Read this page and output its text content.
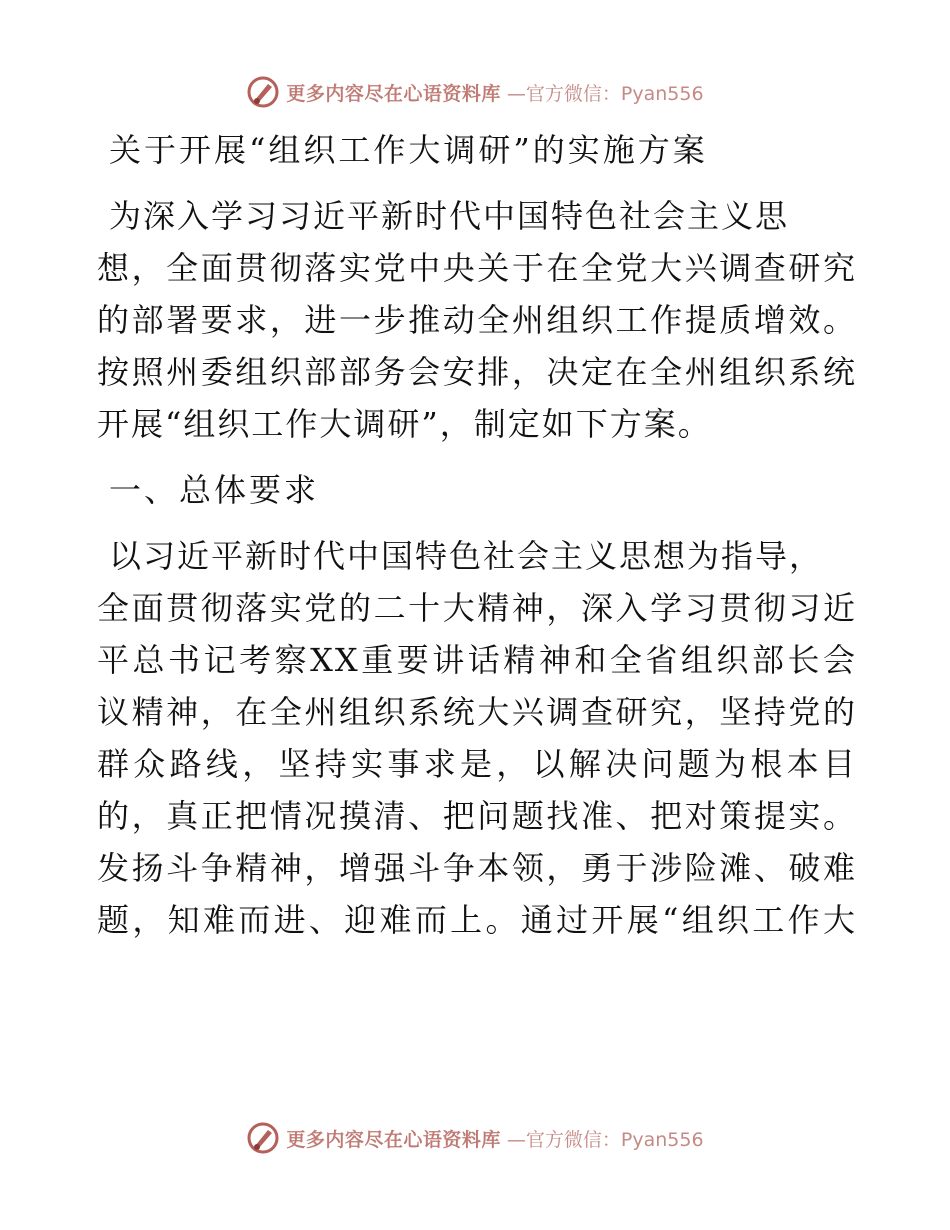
更多内容尽在心语资料库 —官方微信：Pyan556
关于开展“组织工作大调研”的实施方案
为深入学习习近平新时代中国特色社会主义思
想，全面贯彻落实党中央关于在全党大兴调查研究
的部署要求，进一步推动全州组织工作提质增效。
按照州委组织部部务会安排，决定在全州组织系统
开展“组织工作大调研”，制定如下方案。
一、总体要求
以习近平新时代中国特色社会主义思想为指导，
全面贯彻落实党的二十大精神，深入学习贯彻习近
平总书记考察XX重要讲话精神和全省组织部长会
议精神，在全州组织系统大兴调查研究，坚持党的
群众路线，坚持实事求是，以解决问题为根本目
的，真正把情况摸清、把问题找准、把对策提实。
发扬斗争精神，增强斗争本领，勇于涉险滩、破难
题，知难而进、迎难而上。通过开展“组织工作大
更多内容尽在心语资料库 —官方微信：Pyan556
